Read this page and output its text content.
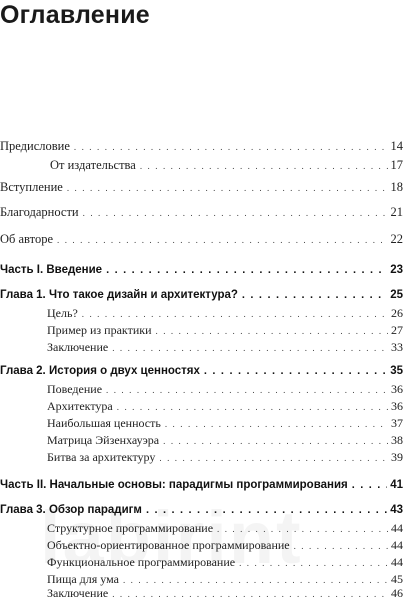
Оглавление
Предисловие . . .	14
От издательства . . .	17
Вступление . . .	18
Благодарности . . .	21
Об авторе . . .	22
Часть I. Введение . . .	23
Глава 1. Что такое дизайн и архитектура? . . .	25
Цель? . . .	26
Пример из практики . . .	27
Заключение . . .	33
Глава 2. История о двух ценностях . . .	35
Поведение . . .	36
Архитектура . . .	36
Наибольшая ценность . . .	37
Матрица Эйзенхауэра . . .	38
Битва за архитектуру . . .	39
Часть II. Начальные основы: парадигмы программирования . . .	41
Глава 3. Обзор парадигм . . .	43
Структурное программирование . . .	44
Объектно-ориентированное программирование . . .	44
Функциональное программирование . . .	44
Пища для ума . . .	45
Заключение . . .	46
